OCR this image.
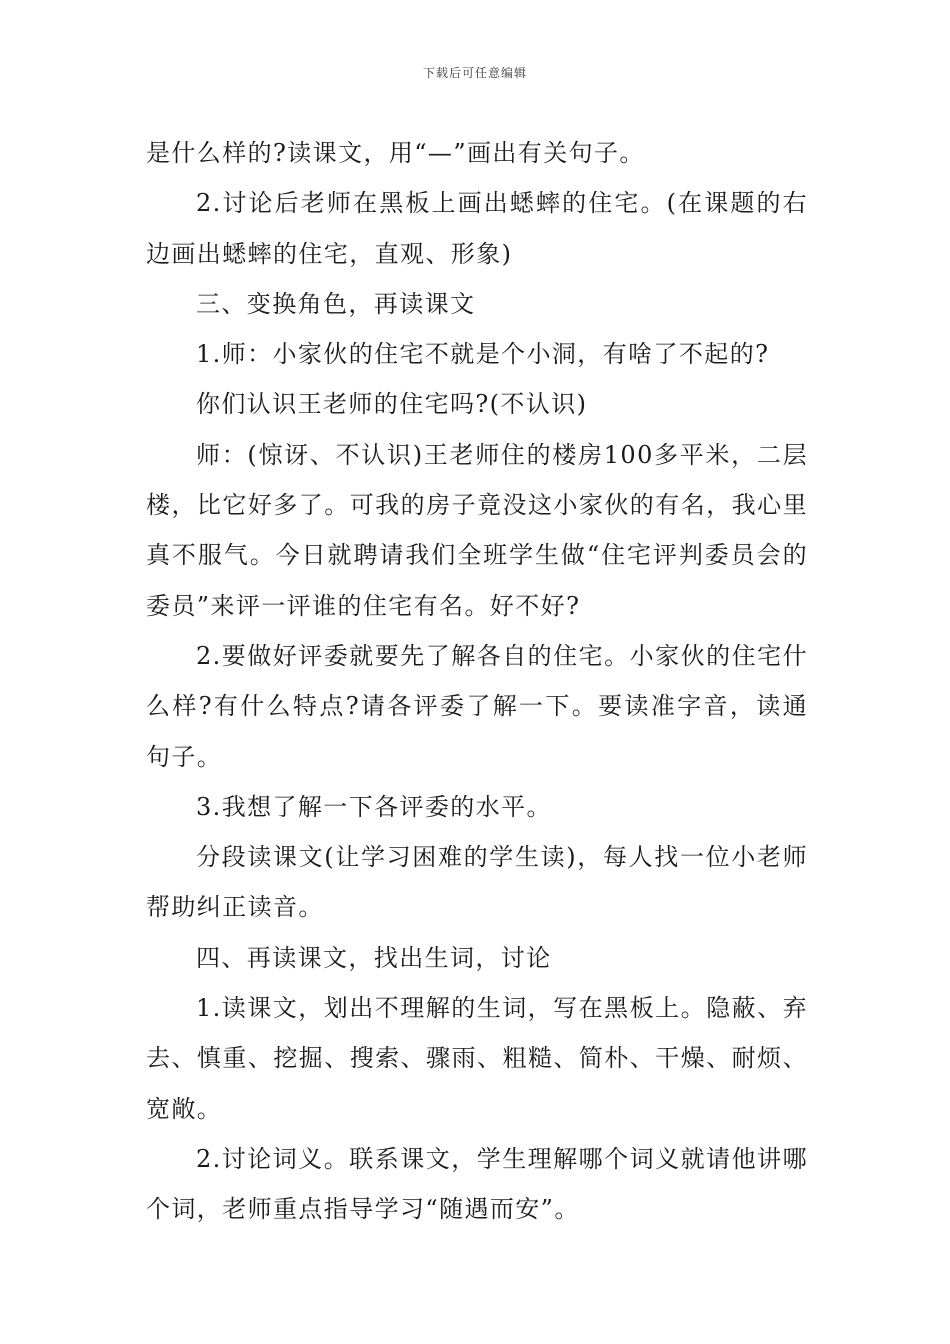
下载后可任意编辑

是什么样的?读课文，用“—”画出有关句子。

2.讨论后老师在黑板上画出蟋蟀的住宅。(在课题的右边画出蟋蟀的住宅，直观、形象)

三、变换角色，再读课文

1.师：小家伙的住宅不就是个小洞，有啥了不起的?

你们认识王老师的住宅吗?(不认识)

师：(惊讶、不认识)王老师住的楼房100多平米，二层楼，比它好多了。可我的房子竟没这小家伙的有名，我心里真不服气。今日就聘请我们全班学生做“住宅评判委员会的委员”来评一评谁的住宅有名。好不好?

2.要做好评委就要先了解各自的住宅。小家伙的住宅什么样?有什么特点?请各评委了解一下。要读准字音，读通句子。

3.我想了解一下各评委的水平。

分段读课文(让学习困难的学生读)，每人找一位小老师帮助纠正读音。

四、再读课文，找出生词，讨论

1.读课文，划出不理解的生词，写在黑板上。隐蔽、弃去、慎重、挖掘、搜索、骤雨、粗糙、简朴、干燥、耐烦、宽敞。

2.讨论词义。联系课文，学生理解哪个词义就请他讲哪个词，老师重点指导学习“随遇而安”。
